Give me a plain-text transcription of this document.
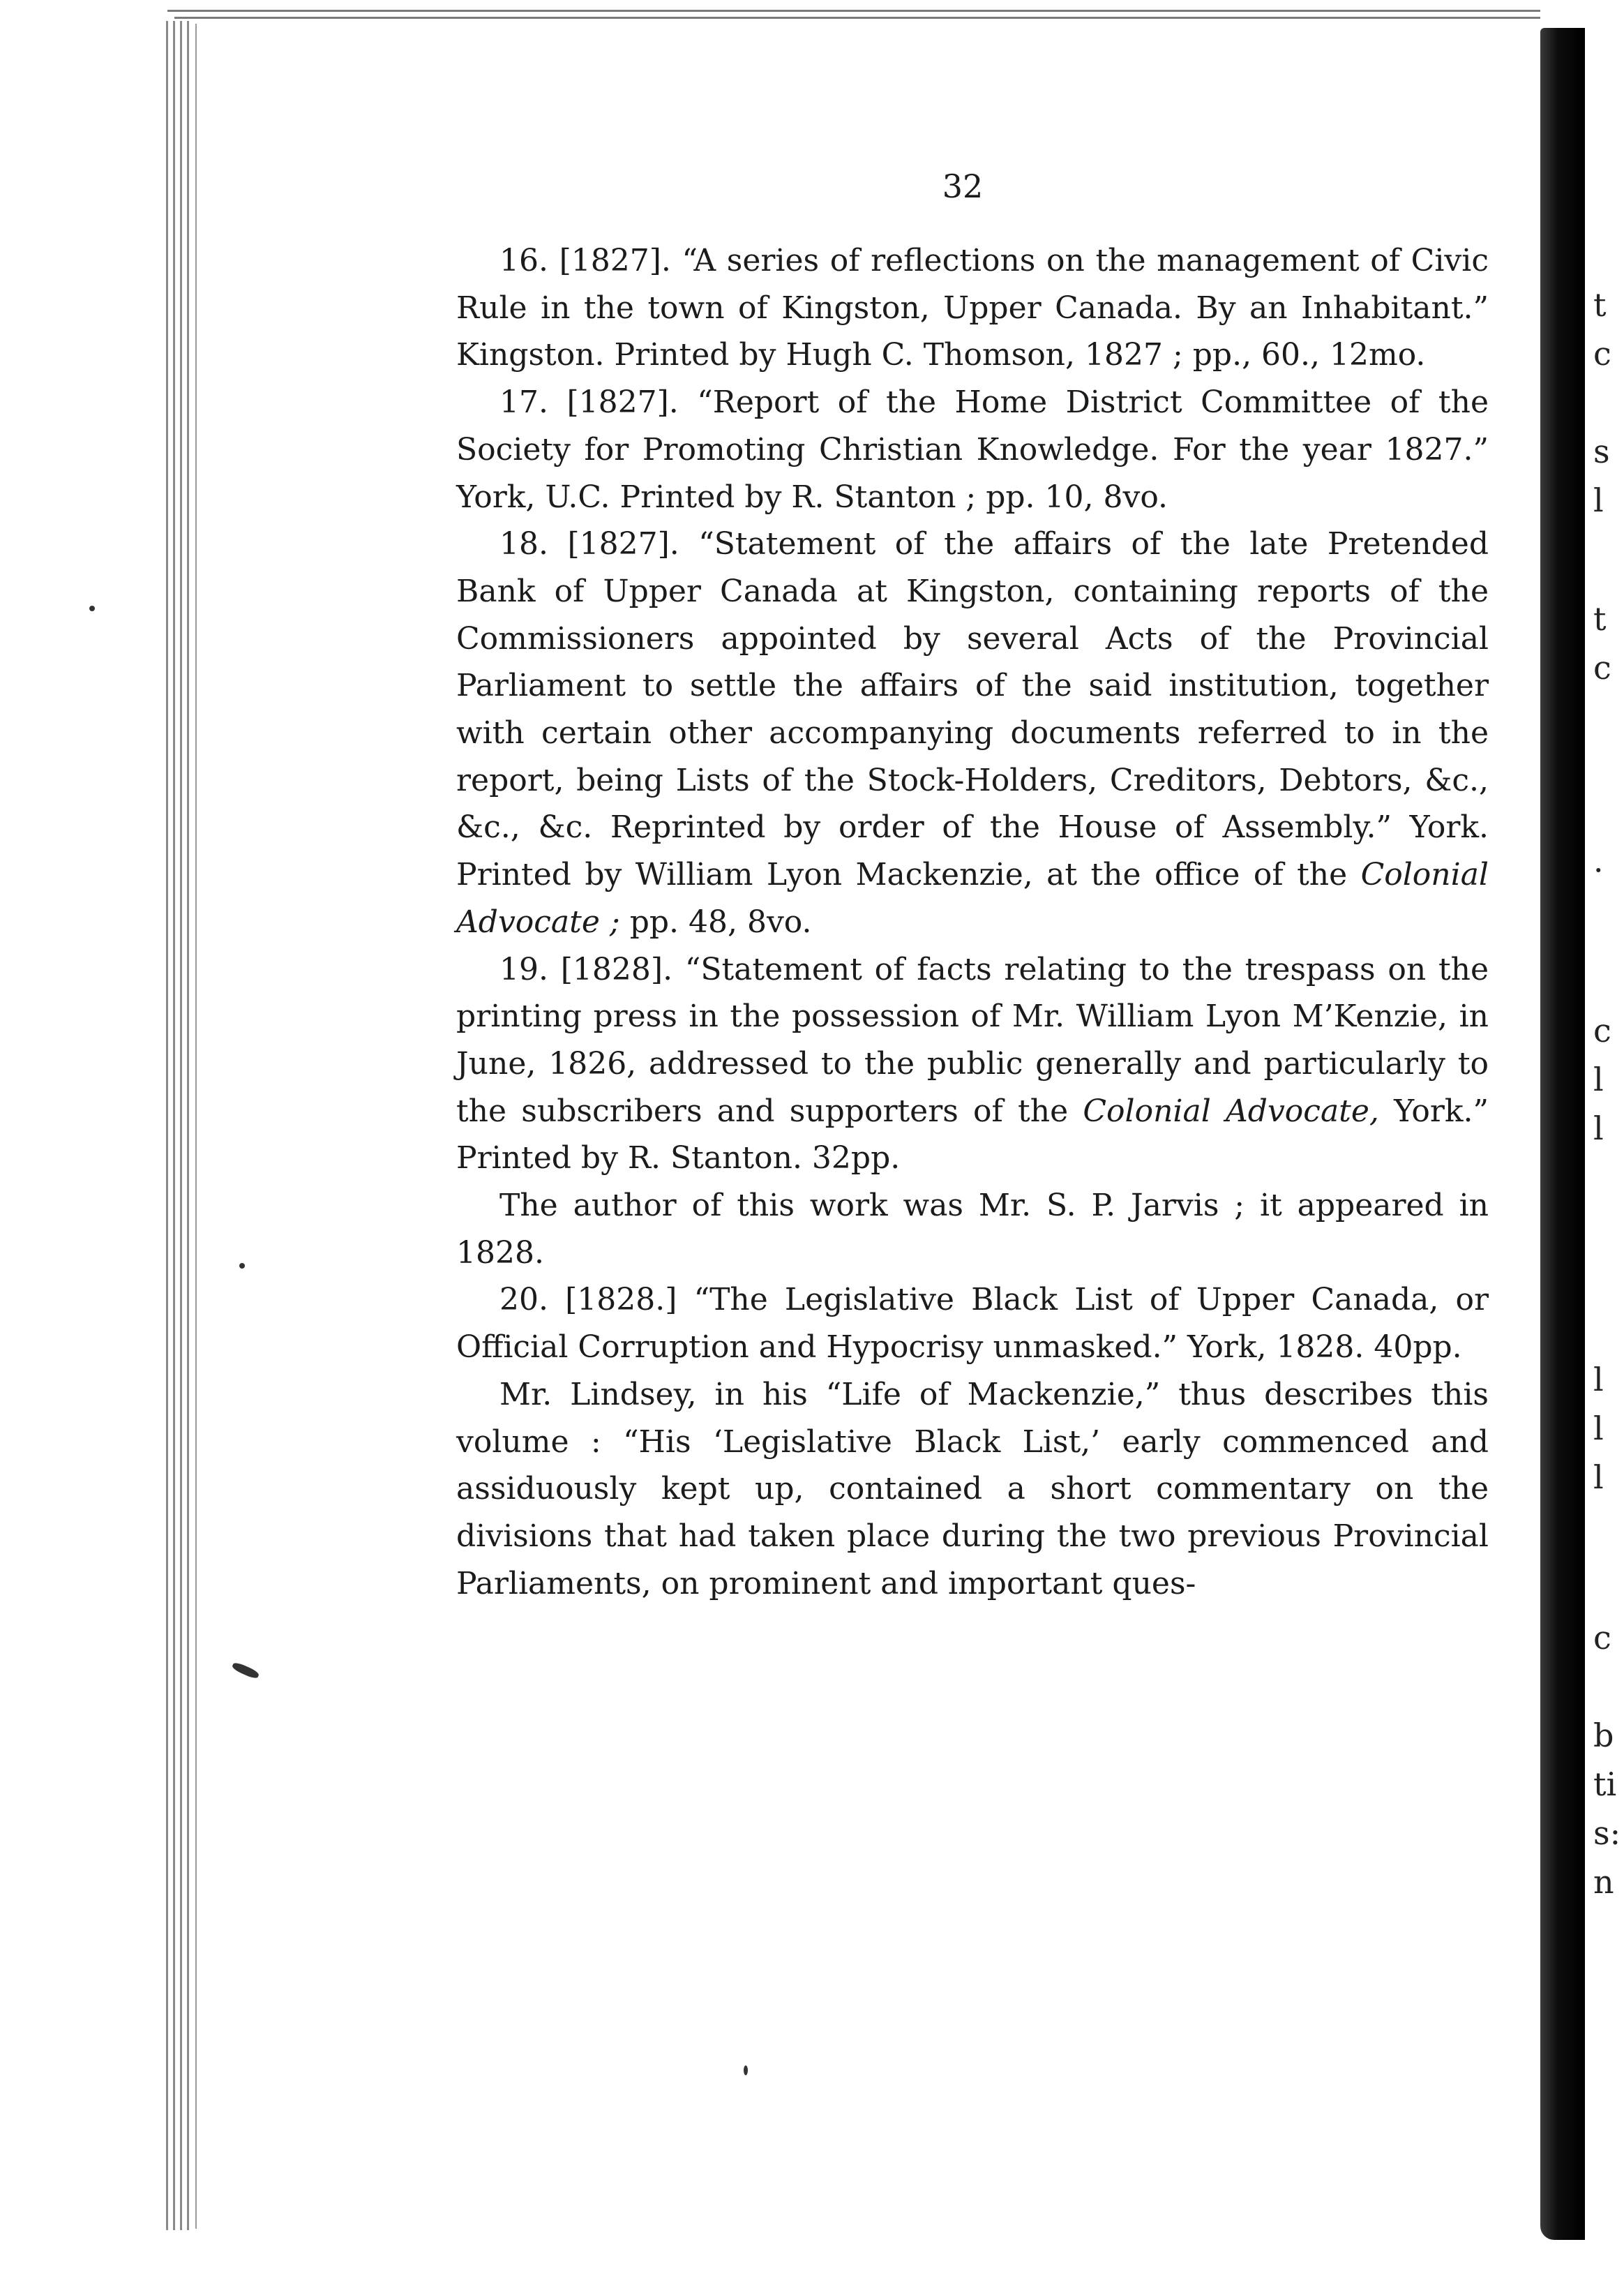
t
c
s
l
t
c
·
c
l
l
l
l
l
c
b
ti
s:
n
32

16. [1827]. “A series of reflections on the management of Civic Rule in the town of Kingston, Upper Canada. By an Inhabitant.” Kingston. Printed by Hugh C. Thomson, 1827 ; pp., 60., 12mo.

17. [1827]. “Report of the Home District Committee of the Society for Promoting Christian Knowledge. For the year 1827.” York, U.C. Printed by R. Stanton ; pp. 10, 8vo.

18. [1827]. “Statement of the affairs of the late Pretended Bank of Upper Canada at Kingston, containing reports of the Commissioners appointed by several Acts of the Provincial Parliament to settle the affairs of the said institution, together with certain other accompanying documents referred to in the report, being Lists of the Stock-Holders, Creditors, Debtors, &c., &c., &c. Reprinted by order of the House of Assembly.” York. Printed by William Lyon Mackenzie, at the office of the Colonial Advocate ; pp. 48, 8vo.

19. [1828]. “Statement of facts relating to the trespass on the printing press in the possession of Mr. William Lyon M’Kenzie, in June, 1826, addressed to the public generally and particularly to the subscribers and supporters of the Colonial Advocate, York.” Printed by R. Stanton. 32pp.

The author of this work was Mr. S. P. Jarvis ; it appeared in 1828.

20. [1828.] “The Legislative Black List of Upper Canada, or Official Corruption and Hypocrisy unmasked.” York, 1828. 40pp.

Mr. Lindsey, in his “Life of Mackenzie,” thus describes this volume : “His ‘Legislative Black List,’ early commenced and assiduously kept up, contained a short commentary on the divisions that had taken place during the two previous Provincial Parliaments, on prominent and important ques-
